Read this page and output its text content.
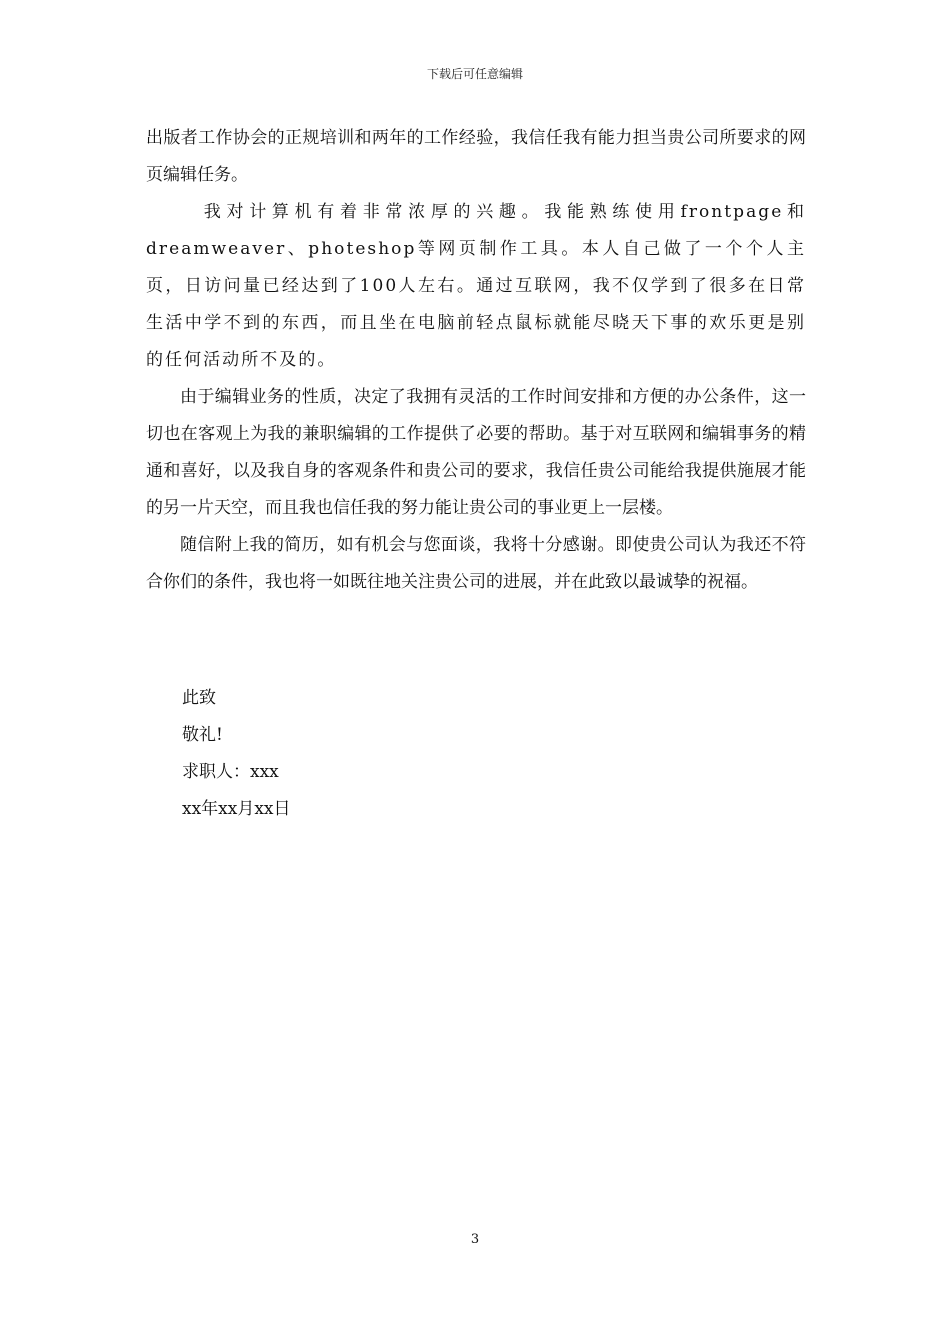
下载后可任意编辑

出版者工作协会的正规培训和两年的工作经验，我信任我有能力担当贵公司所要求的网页编辑任务。

我对计算机有着非常浓厚的兴趣。我能熟练使用frontpage和dreamweaver、photeshop等网页制作工具。本人自己做了一个个人主页，日访问量已经达到了100人左右。通过互联网，我不仅学到了很多在日常生活中学不到的东西，而且坐在电脑前轻点鼠标就能尽晓天下事的欢乐更是别的任何活动所不及的。

由于编辑业务的性质，决定了我拥有灵活的工作时间安排和方便的办公条件，这一切也在客观上为我的兼职编辑的工作提供了必要的帮助。基于对互联网和编辑事务的精通和喜好，以及我自身的客观条件和贵公司的要求，我信任贵公司能给我提供施展才能的另一片天空，而且我也信任我的努力能让贵公司的事业更上一层楼。

随信附上我的简历，如有机会与您面谈，我将十分感谢。即使贵公司认为我还不符合你们的条件，我也将一如既往地关注贵公司的进展，并在此致以最诚挚的祝福。

此致

敬礼!

求职人：xxx

xx年xx月xx日

3
